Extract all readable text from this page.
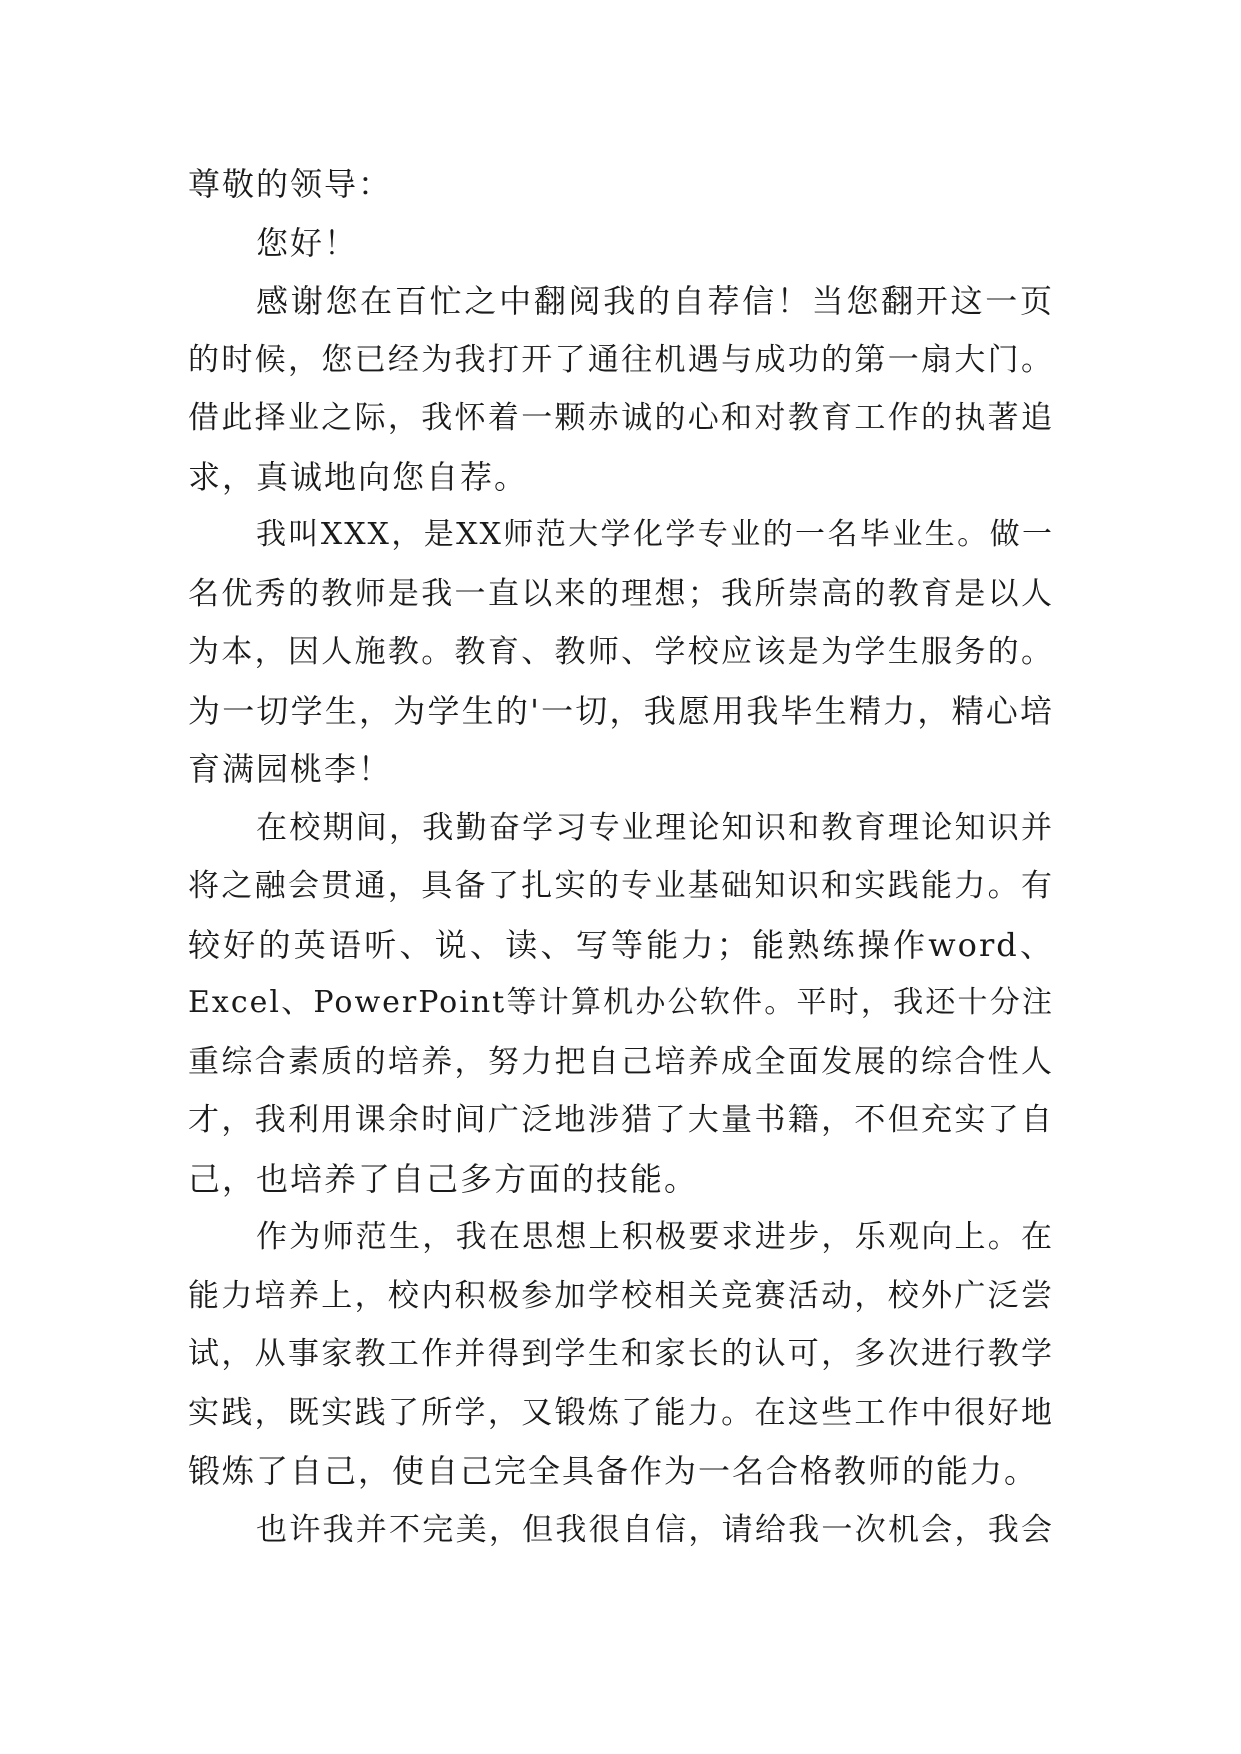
尊敬的领导：

您好！

感谢您在百忙之中翻阅我的自荐信！当您翻开这一页

的时候，您已经为我打开了通往机遇与成功的第一扇大门。

借此择业之际，我怀着一颗赤诚的心和对教育工作的执著追

求，真诚地向您自荐。

我叫XXX，是XX师范大学化学专业的一名毕业生。做一

名优秀的教师是我一直以来的理想；我所崇高的教育是以人

为本，因人施教。教育、教师、学校应该是为学生服务的。

为一切学生，为学生的'一切，我愿用我毕生精力，精心培

育满园桃李！

在校期间，我勤奋学习专业理论知识和教育理论知识并

将之融会贯通，具备了扎实的专业基础知识和实践能力。有

较好的英语听、说、读、写等能力；能熟练操作word、

Excel、PowerPoint等计算机办公软件。平时，我还十分注

重综合素质的培养，努力把自己培养成全面发展的综合性人

才，我利用课余时间广泛地涉猎了大量书籍，不但充实了自

己，也培养了自己多方面的技能。

作为师范生，我在思想上积极要求进步，乐观向上。在

能力培养上，校内积极参加学校相关竞赛活动，校外广泛尝

试，从事家教工作并得到学生和家长的认可，多次进行教学

实践，既实践了所学，又锻炼了能力。在这些工作中很好地

锻炼了自己，使自己完全具备作为一名合格教师的能力。

也许我并不完美，但我很自信，请给我一次机会，我会
